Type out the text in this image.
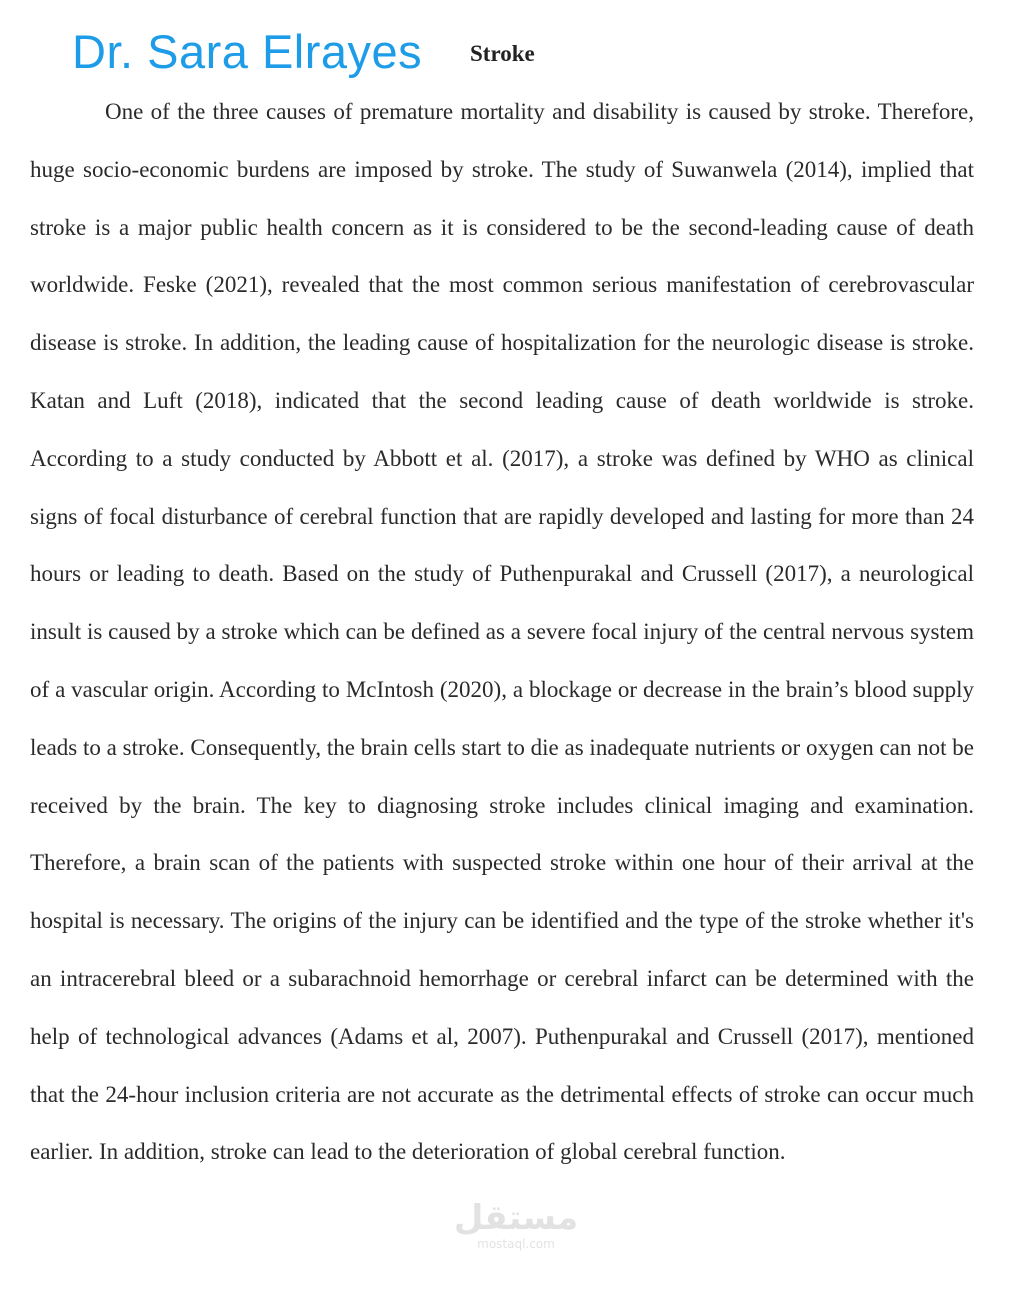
Dr. Sara Elrayes Stroke

One of the three causes of premature mortality and disability is caused by stroke. Therefore, huge socio-economic burdens are imposed by stroke. The study of Suwanwela (2014), implied that stroke is a major public health concern as it is considered to be the second-leading cause of death worldwide. Feske (2021), revealed that the most common serious manifestation of cerebrovascular disease is stroke. In addition, the leading cause of hospitalization for the neurologic disease is stroke. Katan and Luft (2018), indicated that the second leading cause of death worldwide is stroke. According to a study conducted by Abbott et al. (2017), a stroke was defined by WHO as clinical signs of focal disturbance of cerebral function that are rapidly developed and lasting for more than 24 hours or leading to death. Based on the study of Puthenpurakal and Crussell (2017), a neurological insult is caused by a stroke which can be defined as a severe focal injury of the central nervous system of a vascular origin. According to McIntosh (2020), a blockage or decrease in the brain’s blood supply leads to a stroke. Consequently, the brain cells start to die as inadequate nutrients or oxygen can not be received by the brain. The key to diagnosing stroke includes clinical imaging and examination. Therefore, a brain scan of the patients with suspected stroke within one hour of their arrival at the hospital is necessary. The origins of the injury can be identified and the type of the stroke whether it's an intracerebral bleed or a subarachnoid hemorrhage or cerebral infarct can be determined with the help of technological advances (Adams et al, 2007). Puthenpurakal and Crussell (2017), mentioned that the 24-hour inclusion criteria are not accurate as the detrimental effects of stroke can occur much earlier. In addition, stroke can lead to the deterioration of global cerebral function.

مستقل
mostaql.com
